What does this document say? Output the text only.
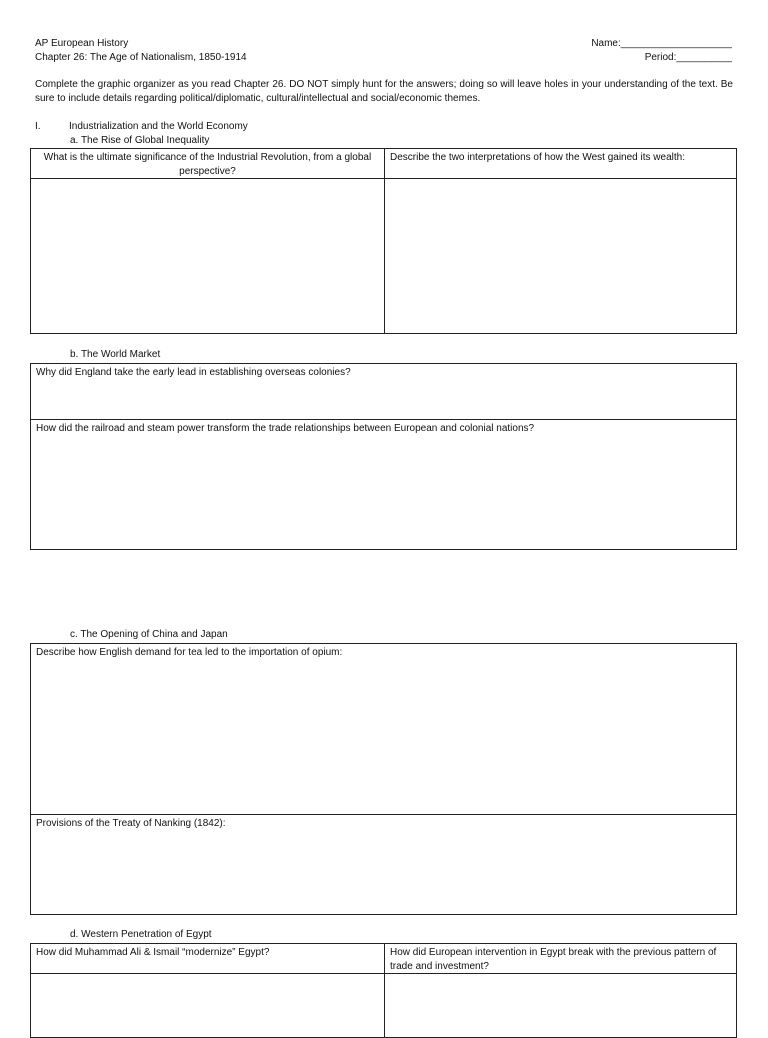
AP European History
Chapter 26: The Age of Nationalism, 1850-1914
Name:____________________
Period:__________
Complete the graphic organizer as you read Chapter 26. DO NOT simply hunt for the answers; doing so will leave holes in your understanding of the text. Be sure to include details regarding political/diplomatic, cultural/intellectual and social/economic themes.
I.	Industrialization and the World Economy
a. The Rise of Global Inequality
What is the ultimate significance of the Industrial Revolution, from a global perspective?
Describe the two interpretations of how the West gained its wealth:
b. The World Market
Why did England take the early lead in establishing overseas colonies?
How did the railroad and steam power transform the trade relationships between European and colonial nations?
c. The Opening of China and Japan
Describe how English demand for tea led to the importation of opium:
Provisions of the Treaty of Nanking (1842):
d. Western Penetration of Egypt
How did Muhammad Ali & Ismail “modernize” Egypt?	How did European intervention in Egypt break with the previous pattern of trade and investment?
